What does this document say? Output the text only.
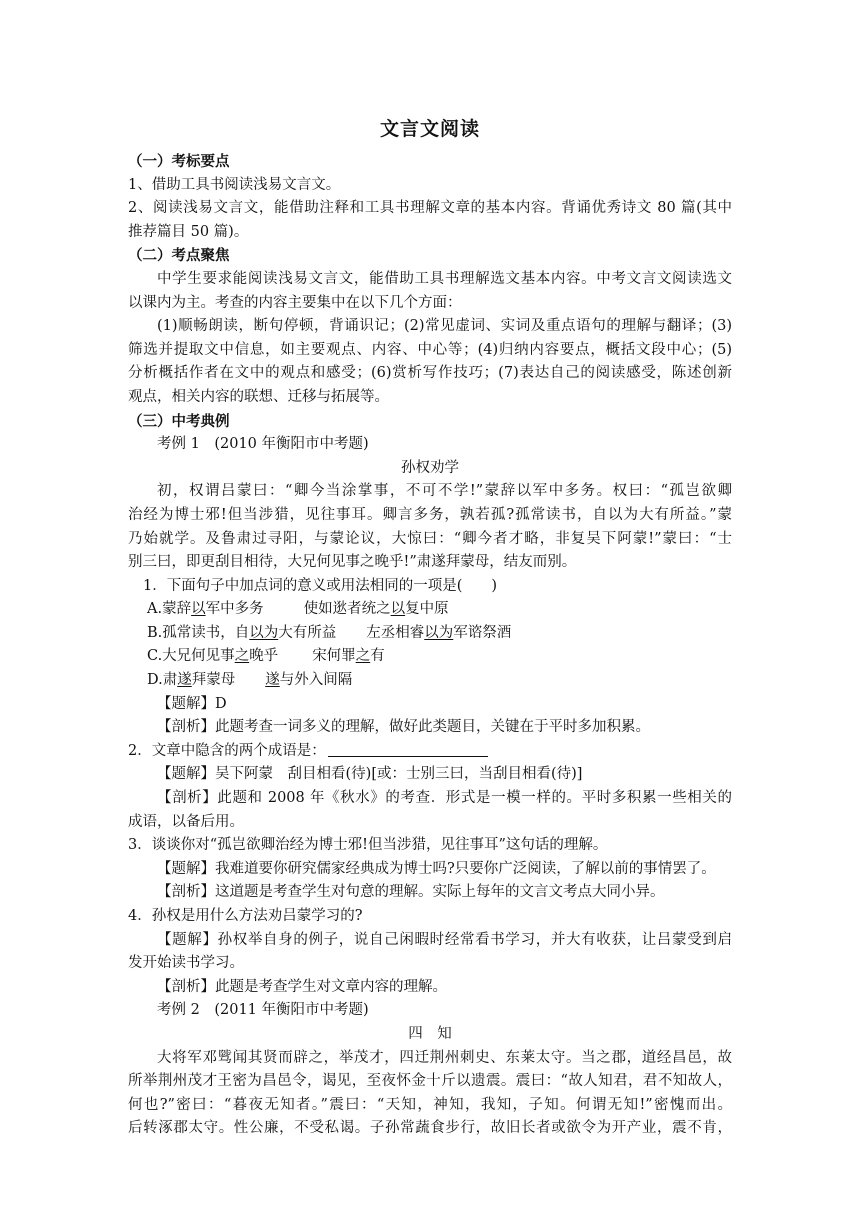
文言文阅读
（一）考标要点
1、借助工具书阅读浅易文言文。
2、阅读浅易文言文，能借助注释和工具书理解文章的基本内容。背诵优秀诗文 80 篇(其中
推荐篇目 50 篇)。
（二）考点聚焦
中学生要求能阅读浅易文言文，能借助工具书理解选文基本内容。中考文言文阅读选文
以课内为主。考查的内容主要集中在以下几个方面：
(1)顺畅朗读，断句停顿，背诵识记；(2)常见虚词、实词及重点语句的理解与翻译；(3)
筛选并提取文中信息，如主要观点、内容、中心等；(4)归纳内容要点，概括文段中心；(5)
分析概括作者在文中的观点和感受；(6)赏析写作技巧；(7)表达自己的阅读感受，陈述创新
观点，相关内容的联想、迁移与拓展等。
（三）中考典例
考例 1　(2010 年衡阳市中考题)
孙权劝学
初，权谓吕蒙曰：“卿今当涂掌事，不可不学!”蒙辞以军中多务。权曰：“孤岂欲卿
治经为博士邪!但当涉猎，见往事耳。卿言多务，孰若孤?孤常读书，自以为大有所益。”蒙
乃始就学。及鲁肃过寻阳，与蒙论议，大惊曰：“卿今者才略，非复吴下阿蒙!”蒙曰：“士
别三曰，即更刮目相待，大兄何见事之晚乎!”肃遂拜蒙母，结友而别。
1．下面句子中加点词的意义或用法相同的一项是(　　)
A.蒙辞以军中多务	使如逖者统之以复中原
B.孤常读书，自以为大有所益 左丞相睿以为军谘祭酒
C.大兄何见事之晚乎 宋何罪之有
D.肃遂拜蒙母 遂与外入间隔
【题解】D
【剖析】此题考查一词多义的理解，做好此类题目，关键在于平时多加积累。
2．文章中隐含的两个成语是：
【题解】吴下阿蒙　刮目相看(待)[或：士别三曰，当刮目相看(待)]
【剖析】此题和 2008 年《秋水》的考查．形式是一模一样的。平时多积累一些相关的
成语，以备后用。
3．谈谈你对“孤岂欲卿治经为博士邪!但当涉猎，见往事耳”这句话的理解。
【题解】我难道要你研究儒家经典成为博士吗?只要你广泛阅读，了解以前的事情罢了。
【剖析】这道题是考查学生对句意的理解。实际上每年的文言文考点大同小异。
4．孙权是用什么方法劝吕蒙学习的?
【题解】孙权举自身的例子，说自己闲暇时经常看书学习，并大有收获，让吕蒙受到启
发开始读书学习。
【剖析】此题是考查学生对文章内容的理解。
考例 2　(2011 年衡阳市中考题)
四　知
大将军邓骘闻其贤而辟之，举茂才，四迁荆州刺史、东莱太守。当之郡，道经昌邑，故
所举荆州茂才王密为昌邑令，谒见，至夜怀金十斤以遗震。震曰：“故人知君，君不知故人，
何也?”密曰：“暮夜无知者。”震曰：“天知，神知，我知，子知。何谓无知!”密愧而出。
后转涿郡太守。性公廉，不受私谒。子孙常蔬食步行，故旧长者或欲令为开产业，震不肯，
